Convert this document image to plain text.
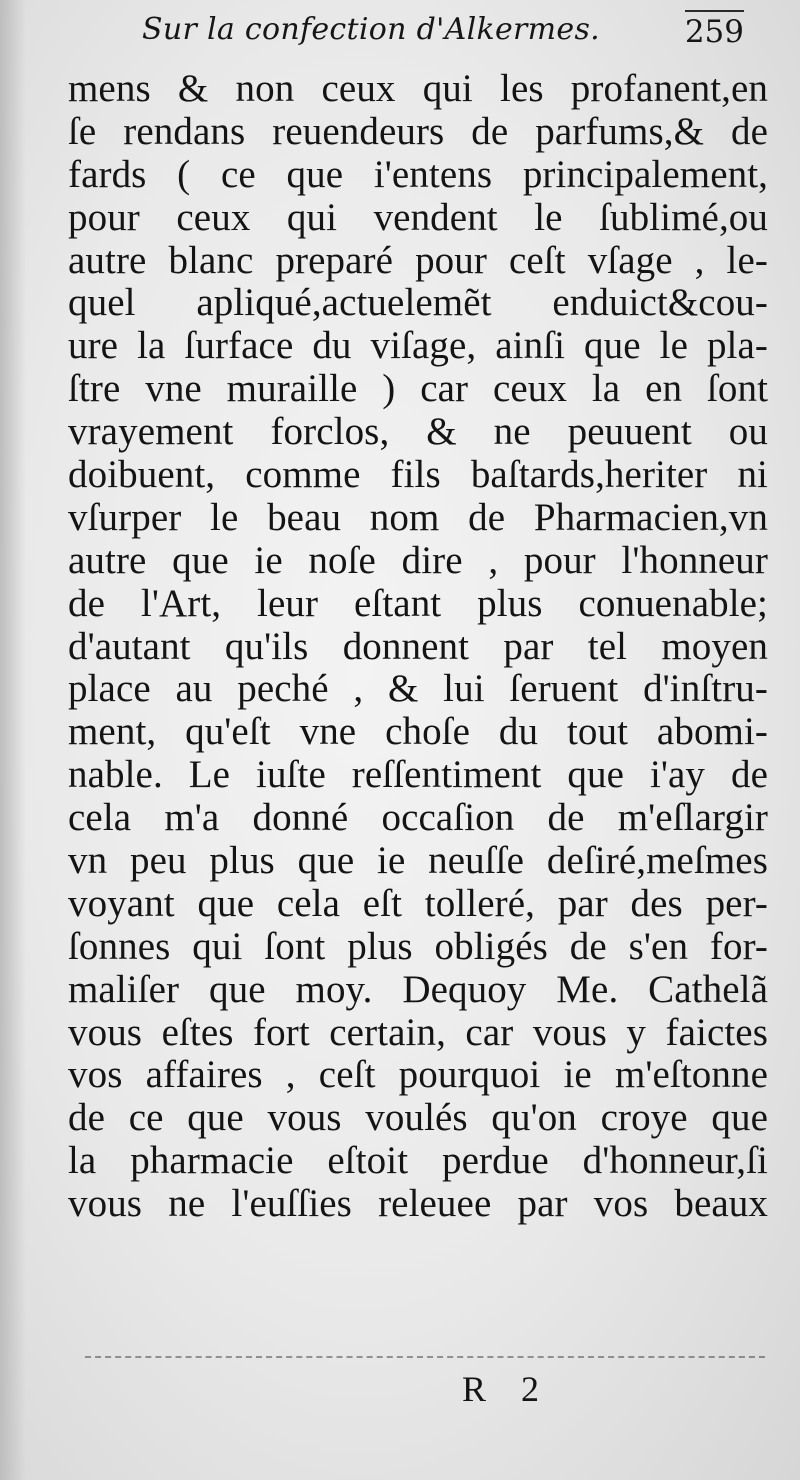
Sur la confection d'Alkermes.	259
mens & non ceux qui les profanent,en
ſe rendans reuendeurs de parfums,& de
fards ( ce que i'entens principalement,
pour ceux qui vendent le ſublimé,ou
autre blanc preparé pour ceſt vſage , le-
quel apliqué,actuelemẽt enduict&cou-
ure la ſurface du viſage, ainſi que le pla-
ſtre vne muraille ) car ceux la en ſont
vrayement forclos, & ne peuuent ou
doibuent, comme fils baſtards,heriter ni
vſurper le beau nom de Pharmacien,vn
autre que ie noſe dire , pour l'honneur
de l'Art, leur eſtant plus conuenable;
d'autant qu'ils donnent par tel moyen
place au peché , & lui ſeruent d'inſtru-
ment, qu'eſt vne choſe du tout abomi-
nable. Le iuſte reſſentiment que i'ay de
cela m'a donné occaſion de m'eſlargir
vn peu plus que ie neuſſe deſiré,meſmes
voyant que cela eſt tolleré, par des per-
ſonnes qui ſont plus obligés de s'en for-
maliſer que moy. Dequoy Me. Cathelã
vous eſtes fort certain, car vous y faictes
vos affaires , ceſt pourquoi ie m'eſtonne
de ce que vous voulés qu'on croye que
la pharmacie eſtoit perdue d'honneur,ſi
vous ne l'euſſies releuee par vos beaux
R 2
